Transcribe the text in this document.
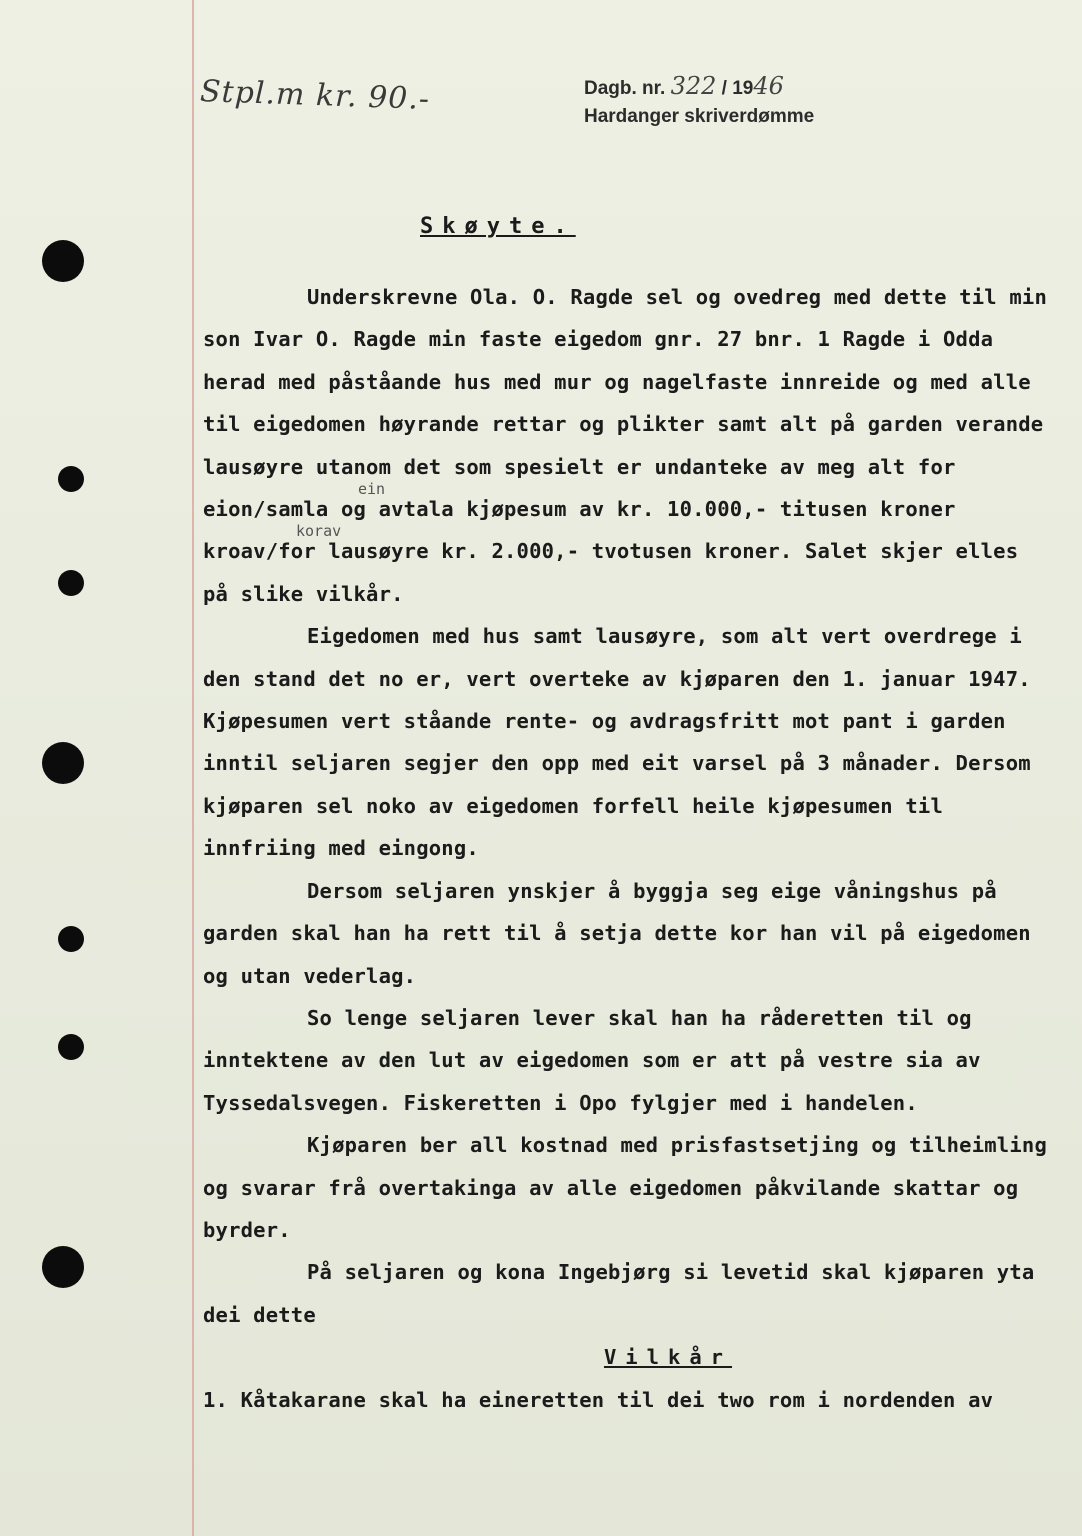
Stpl.m kr. 90.-	Dagb. nr. 322 / 1946
Hardanger skriverdømme
Skøyte.
ein
korav

Underskrevne Ola. O. Ragde sel og ovedreg med dette til min son Ivar O. Ragde min faste eigedom gnr. 27 bnr. 1 Ragde i Odda herad med påståande hus med mur og nagelfaste innreide og med alle til eigedomen høyrande rettar og plikter samt alt på garden verande lausøyre utanom det som spesielt er undanteke av meg alt for eion/samla og avtala kjøpesum av kr. 10.000,- titusen kroner kroav/for lausøyre kr. 2.000,- tvotusen kroner. Salet skjer elles på slike vilkår.

Eigedomen med hus samt lausøyre, som alt vert overdrege i den stand det no er, vert overteke av kjøparen den 1. januar 1947. Kjøpesumen vert ståande rente- og avdragsfritt mot pant i garden inntil seljaren segjer den opp med eit varsel på 3 månader. Dersom kjøparen sel noko av eigedomen forfell heile kjøpesumen til innfriing med eingong.

Dersom seljaren ynskjer å byggja seg eige våningshus på garden skal han ha rett til å setja dette kor han vil på eigedomen og utan vederlag.

So lenge seljaren lever skal han ha råderetten til og inntektene av den lut av eigedomen som er att på vestre sia av Tyssedalsvegen. Fiskeretten i Opo fylgjer med i handelen.

Kjøparen ber all kostnad med prisfastsetjing og tilheimling og svarar frå overtakinga av alle eigedomen påkvilande skattar og byrder.

På seljaren og kona Ingebjørg si levetid skal kjøparen yta dei dette

Vilkår

1. Kåtakarane skal ha eineretten til dei two rom i nordenden av
